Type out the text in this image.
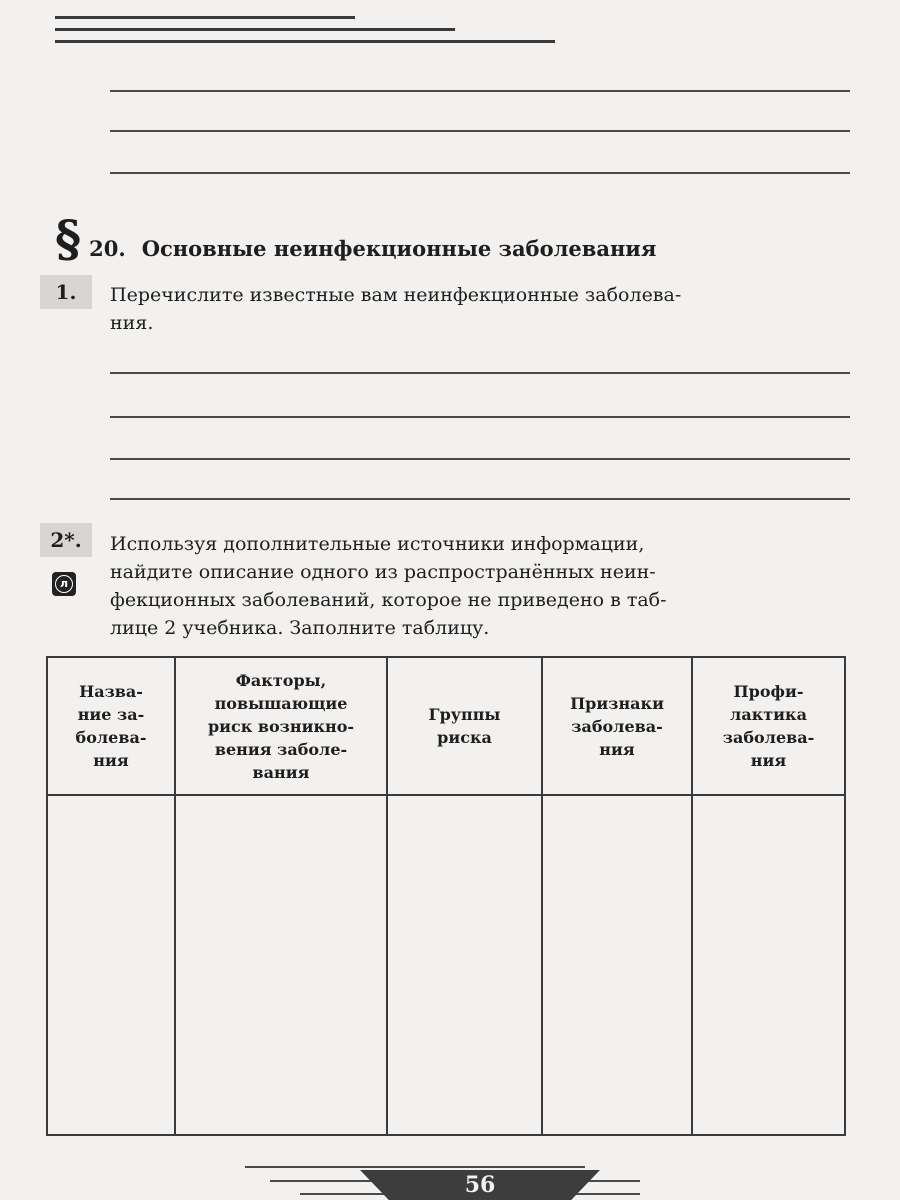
§ 20. Основные неинфекционные заболевания
1.	Перечислите известные вам неинфекционные заболева-
ния.
2*.
л
Используя дополнительные источники информации,
найдите описание одного из распространённых неин-
фекционных заболеваний, которое не приведено в таб-
лице 2 учебника. Заполните таблицу.
Назва-
ние за-
болева-
ния	Факторы,
повышающие
риск возникно-
вения заболе-
вания	Группы
риска	Признаки
заболева-
ния	Профи-
лактика
заболева-
ния

56
